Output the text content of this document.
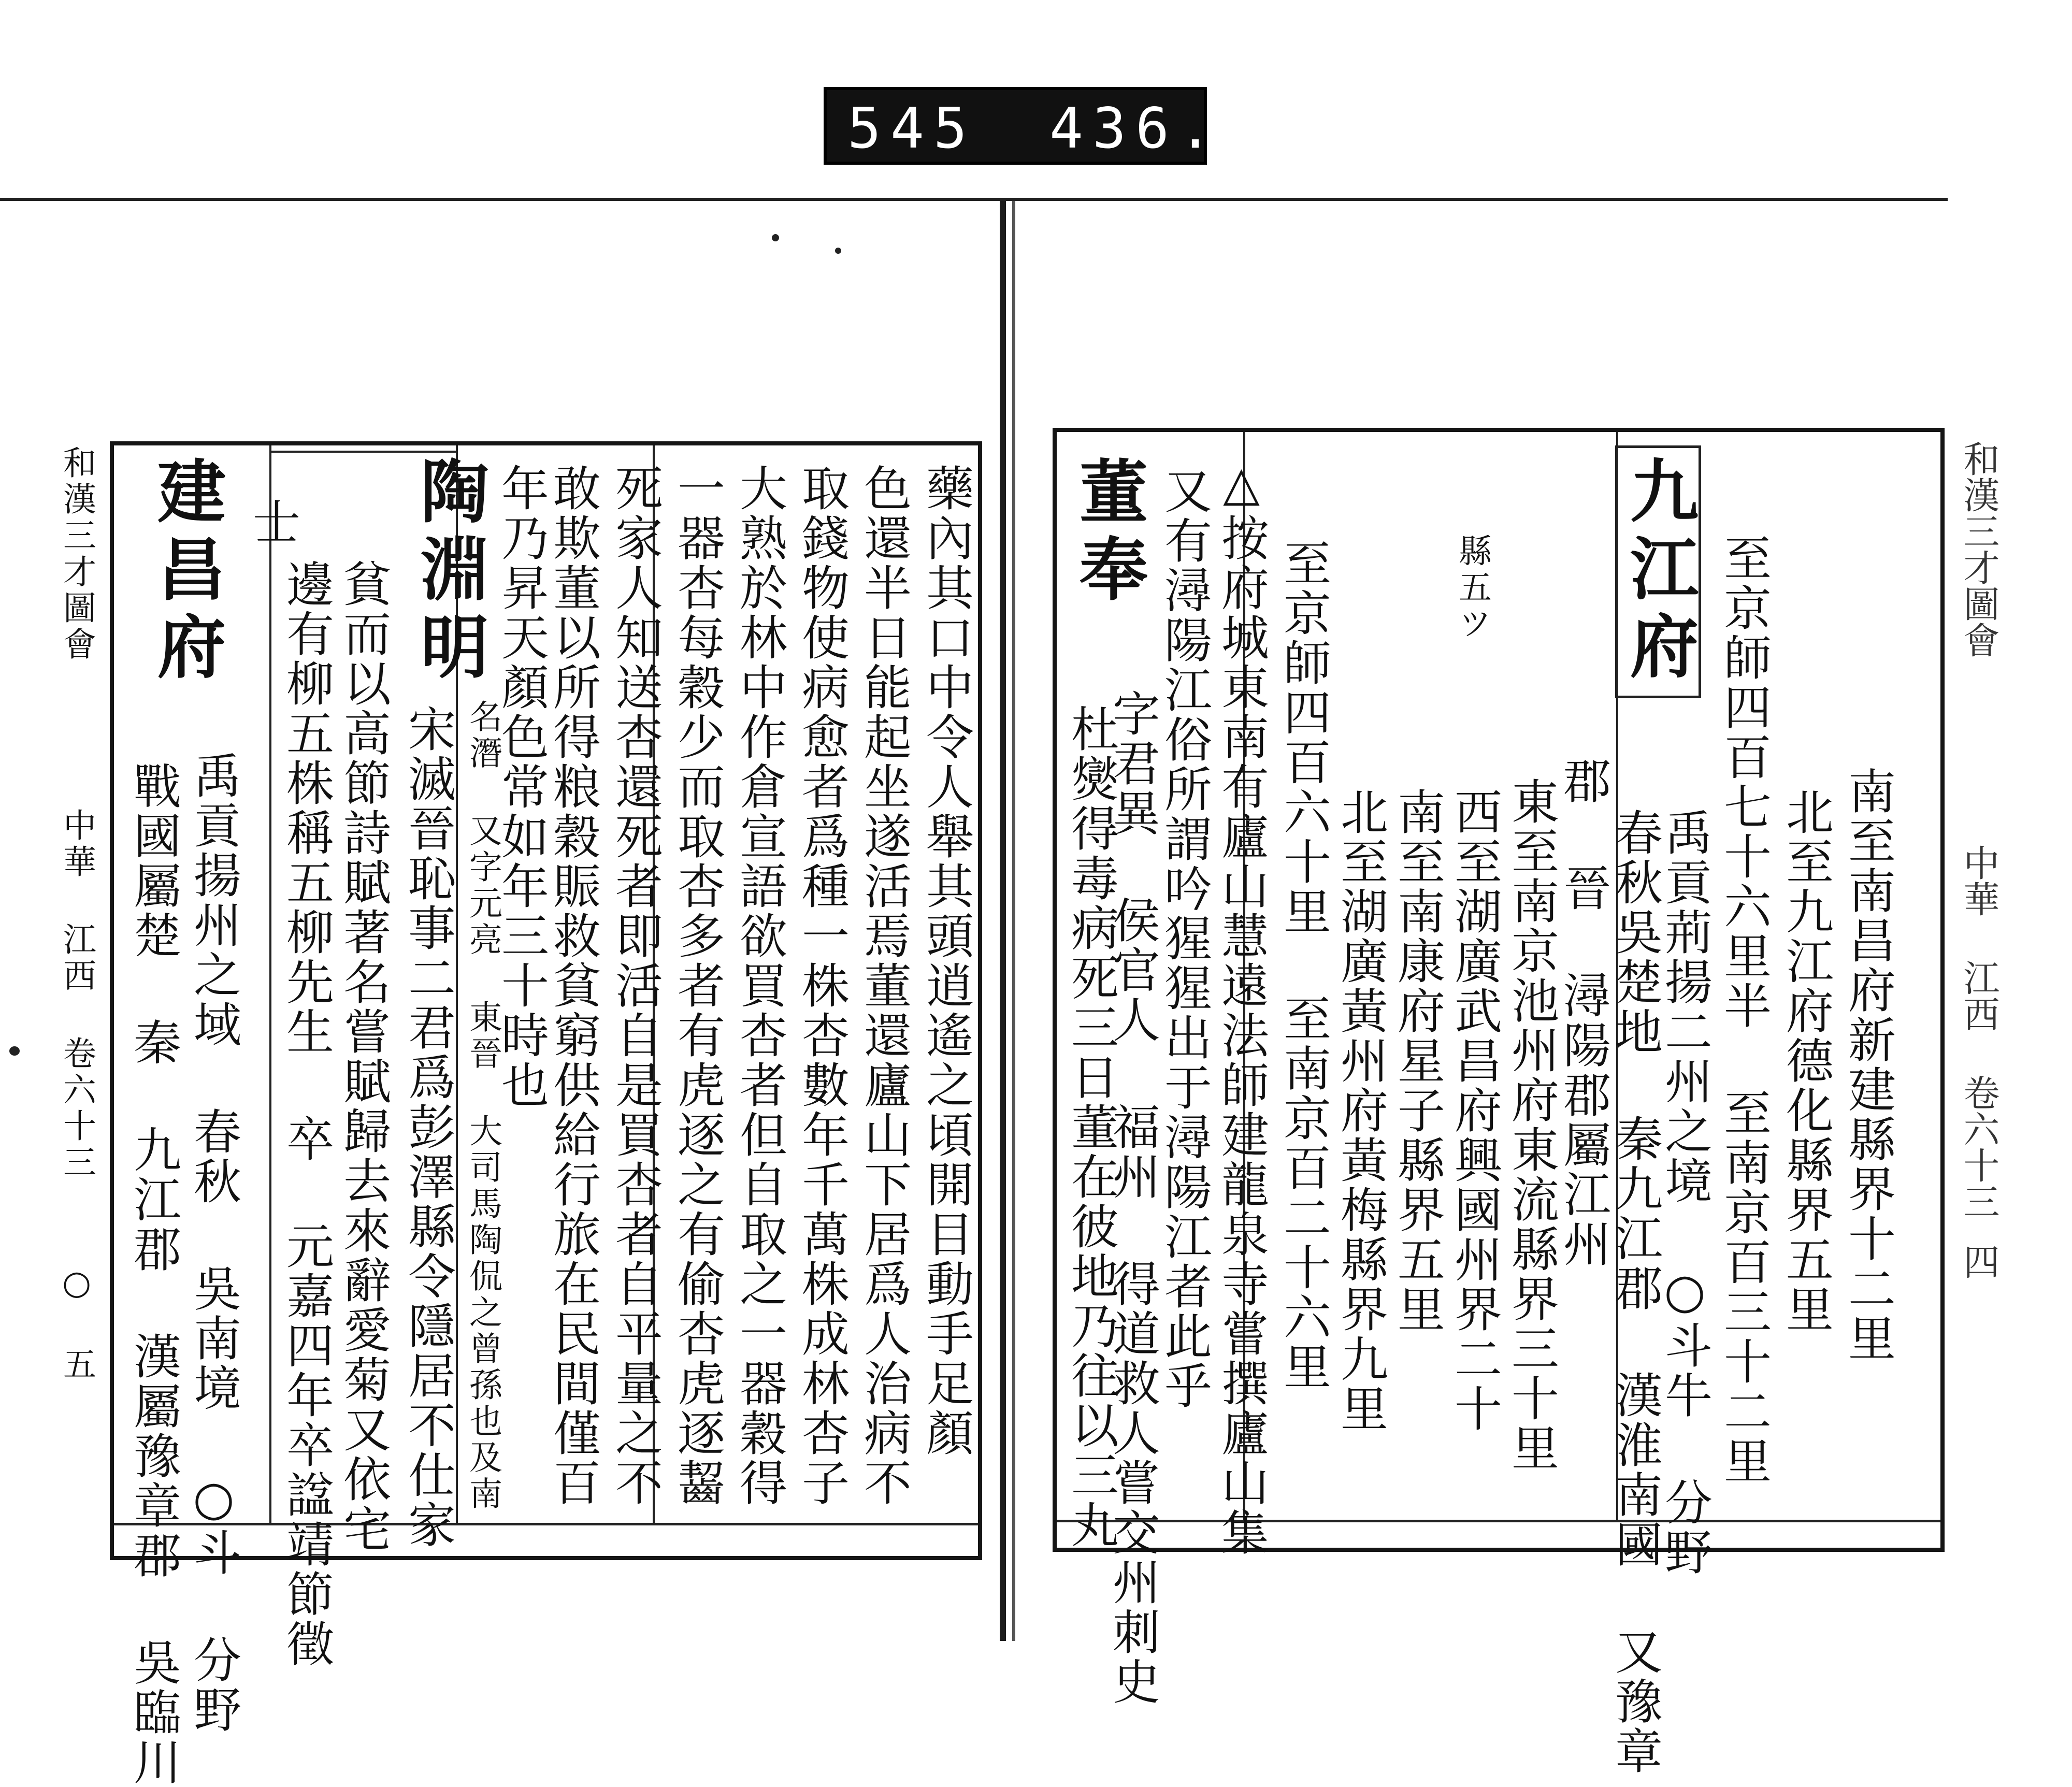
545 436.
和漢三才圖會
中華 江西 卷六十三
○ 五	藥內其口中令人舉其頭逍遙之頃開目動手足顏
色還半日能起坐遂活焉董還廬山下居爲人治病不
取錢物使病愈者爲種一株杏數年千萬株成林杏子
大熟於林中作倉宣語欲買杏者但自取之一器穀得
一器杏每穀少而取杏多者有虎逐之有偷杏虎逐齧
死家人知送杏還死者即活自是買杏者自平量之不
敢欺董以所得粮穀賑救貧窮供給行旅在民間僅百
年乃昇天顏色常如年三十時也
陶淵明
名潛 又字元亮 東晉 大司馬陶侃之曾孫也及南
宋滅晉恥事二君爲彭澤縣令隱居不仕家
貧而以高節詩賦著名嘗賦歸去來辭愛菊又依宅
邊有柳五株稱五柳先生 卒 元嘉四年卒諡靖節徵
士
建昌府
禹貢揚州之域 春秋 吳南境 ○斗 分野
戰國屬楚 秦 九江郡 漢屬豫章郡 吳臨川
和漢三才圖會
中華 江西 卷六十三
四
九江府
南至南昌府新建縣界十二里
北至九江府德化縣界五里
至京師四百七十六里半 至南京百三十二里
禹貢荊揚二州之境 ○斗牛 分野
春秋吳楚地 秦九江郡 漢淮南國 又豫章
郡 晉 潯陽郡屬江州
縣五ツ
東至南京池州府東流縣界三十里
西至湖廣武昌府興國州界二十
南至南康府星子縣界五里
北至湖廣黃州府黃梅縣界九里
至京師四百六十里 至南京百二十六里
△按府城東南有廬山慧遠法師建龍泉寺嘗撰廬山集
又有潯陽江俗所謂吟猩猩出于潯陽江者此乎
董奉
字君異 侯官人 福州 得道救人嘗交州刺史
杜爕得毒病死三日董在彼地乃往以三丸
